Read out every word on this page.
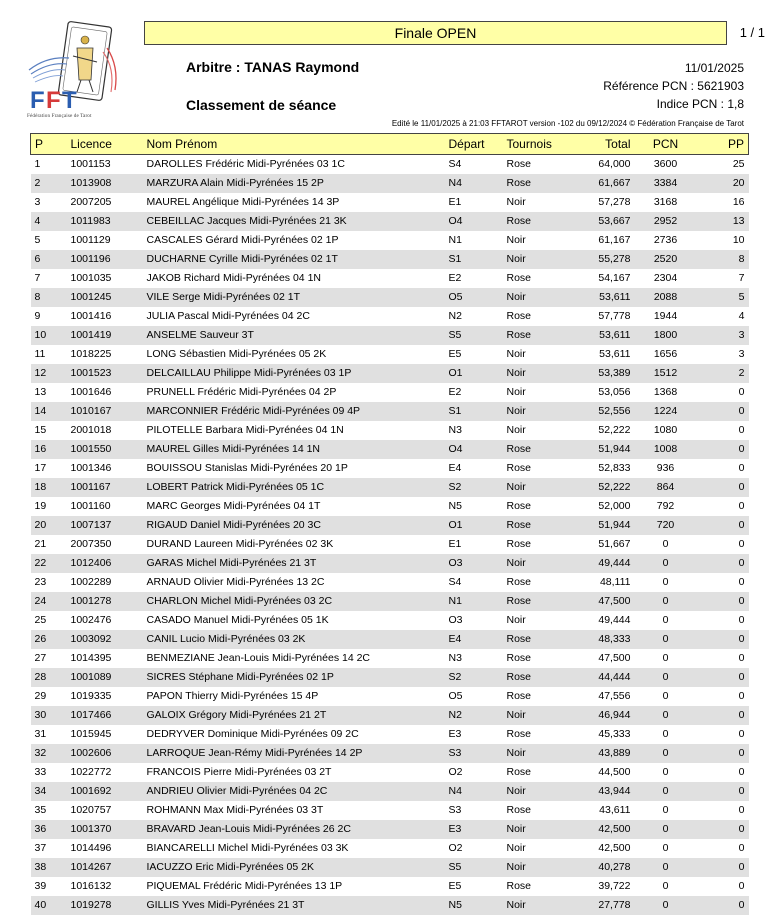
F F T
Fédération Française de Tarot
Finale OPEN	1 / 1
Arbitre : TANAS Raymond
Classement de séance
11/01/2025
Référence PCN : 5621903
Indice PCN : 1,8
Edité le 11/01/2025 à 21:03 FFTAROT version -102 du 09/12/2024 © Fédération Française de Tarot
P	Licence	Nom Prénom	Départ	Tournois	Total	PCN	PP
1	1001153	DAROLLES Frédéric Midi-Pyrénées 03 1C	S4	Rose	64,000	3600	25
2	1013908	MARZURA Alain Midi-Pyrénées 15 2P	N4	Rose	61,667	3384	20
3	2007205	MAUREL Angélique Midi-Pyrénées 14 3P	E1	Noir	57,278	3168	16
4	1011983	CEBEILLAC Jacques Midi-Pyrénées 21 3K	O4	Rose	53,667	2952	13
5	1001129	CASCALES Gérard Midi-Pyrénées 02 1P	N1	Noir	61,167	2736	10
6	1001196	DUCHARNE Cyrille Midi-Pyrénées 02 1T	S1	Noir	55,278	2520	8
7	1001035	JAKOB Richard Midi-Pyrénées 04 1N	E2	Rose	54,167	2304	7
8	1001245	VILE Serge Midi-Pyrénées 02 1T	O5	Noir	53,611	2088	5
9	1001416	JULIA Pascal Midi-Pyrénées 04 2C	N2	Rose	57,778	1944	4
10	1001419	ANSELME Sauveur 3T	S5	Rose	53,611	1800	3
11	1018225	LONG Sébastien Midi-Pyrénées 05 2K	E5	Noir	53,611	1656	3
12	1001523	DELCAILLAU Philippe Midi-Pyrénées 03 1P	O1	Noir	53,389	1512	2
13	1001646	PRUNELL Frédéric Midi-Pyrénées 04 2P	E2	Noir	53,056	1368	0
14	1010167	MARCONNIER Frédéric Midi-Pyrénées 09 4P	S1	Noir	52,556	1224	0
15	2001018	PILOTELLE Barbara Midi-Pyrénées 04 1N	N3	Noir	52,222	1080	0
16	1001550	MAUREL Gilles Midi-Pyrénées 14 1N	O4	Rose	51,944	1008	0
17	1001346	BOUISSOU Stanislas Midi-Pyrénées 20 1P	E4	Rose	52,833	936	0
18	1001167	LOBERT Patrick Midi-Pyrénées 05 1C	S2	Noir	52,222	864	0
19	1001160	MARC Georges Midi-Pyrénées 04 1T	N5	Rose	52,000	792	0
20	1007137	RIGAUD Daniel Midi-Pyrénées 20 3C	O1	Rose	51,944	720	0
21	2007350	DURAND Laureen Midi-Pyrénées 02 3K	E1	Rose	51,667	0	0
22	1012406	GARAS Michel Midi-Pyrénées 21 3T	O3	Noir	49,444	0	0
23	1002289	ARNAUD Olivier Midi-Pyrénées 13 2C	S4	Rose	48,111	0	0
24	1001278	CHARLON Michel Midi-Pyrénées 03 2C	N1	Rose	47,500	0	0
25	1002476	CASADO Manuel Midi-Pyrénées 05 1K	O3	Noir	49,444	0	0
26	1003092	CANIL Lucio Midi-Pyrénées 03 2K	E4	Rose	48,333	0	0
27	1014395	BENMEZIANE Jean-Louis Midi-Pyrénées 14 2C	N3	Rose	47,500	0	0
28	1001089	SICRES Stéphane Midi-Pyrénées 02 1P	S2	Rose	44,444	0	0
29	1019335	PAPON Thierry Midi-Pyrénées 15 4P	O5	Rose	47,556	0	0
30	1017466	GALOIX Grégory Midi-Pyrénées 21 2T	N2	Noir	46,944	0	0
31	1015945	DEDRYVER Dominique Midi-Pyrénées 09 2C	E3	Rose	45,333	0	0
32	1002606	LARROQUE Jean-Rémy Midi-Pyrénées 14 2P	S3	Noir	43,889	0	0
33	1022772	FRANCOIS Pierre Midi-Pyrénées 03 2T	O2	Rose	44,500	0	0
34	1001692	ANDRIEU Olivier Midi-Pyrénées 04 2C	N4	Noir	43,944	0	0
35	1020757	ROHMANN Max Midi-Pyrénées 03 3T	S3	Rose	43,611	0	0
36	1001370	BRAVARD Jean-Louis Midi-Pyrénées 26 2C	E3	Noir	42,500	0	0
37	1014496	BIANCARELLI Michel Midi-Pyrénées 03 3K	O2	Noir	42,500	0	0
38	1014267	IACUZZO Eric Midi-Pyrénées 05 2K	S5	Noir	40,278	0	0
39	1016132	PIQUEMAL Frédéric Midi-Pyrénées 13 1P	E5	Rose	39,722	0	0
40	1019278	GILLIS Yves Midi-Pyrénées 21 3T	N5	Noir	27,778	0	0
